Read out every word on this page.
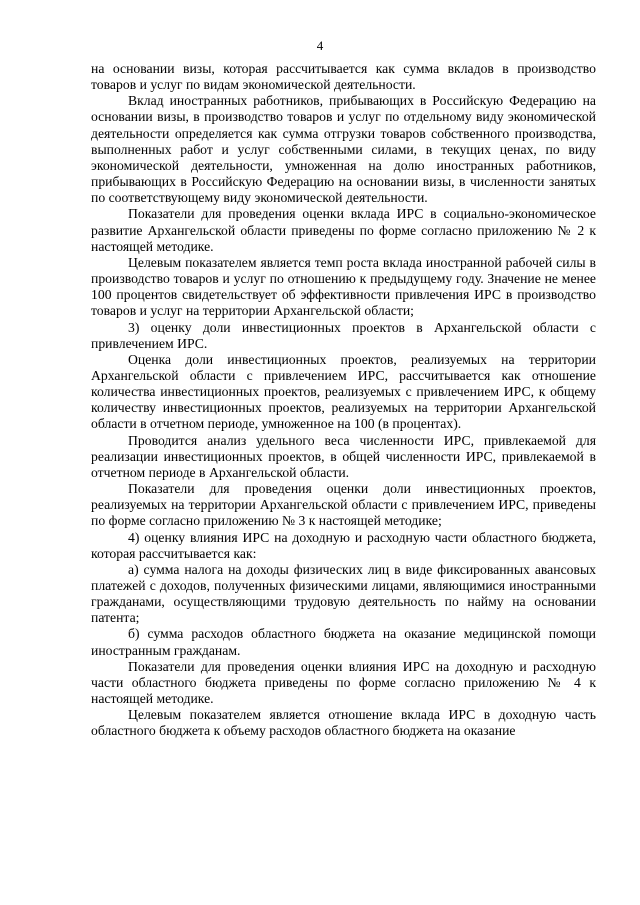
4

на основании визы, которая рассчитывается как сумма вкладов в производство товаров и услуг по видам экономической деятельности.

Вклад иностранных работников, прибывающих в Российскую Федерацию на основании визы, в производство товаров и услуг по отдельному виду экономической деятельности определяется как сумма отгрузки товаров собственного производства, выполненных работ и услуг собственными силами, в текущих ценах, по виду экономической деятельности, умноженная на долю иностранных работников, прибывающих в Российскую Федерацию на основании визы, в численности занятых по соответствующему виду экономической деятельности.

Показатели для проведения оценки вклада ИРС в социально-экономическое развитие Архангельской области приведены по форме согласно приложению № 2 к настоящей методике.

Целевым показателем является темп роста вклада иностранной рабочей силы в производство товаров и услуг по отношению к предыдущему году. Значение не менее 100 процентов свидетельствует об эффективности привлечения ИРС в производство товаров и услуг на территории Архангельской области;

3) оценку доли инвестиционных проектов в Архангельской области с привлечением ИРС.

Оценка доли инвестиционных проектов, реализуемых на территории Архангельской области с привлечением ИРС, рассчитывается как отношение количества инвестиционных проектов, реализуемых с привлечением ИРС, к общему количеству инвестиционных проектов, реализуемых на территории Архангельской области в отчетном периоде, умноженное на 100 (в процентах).

Проводится анализ удельного веса численности ИРС, привлекаемой для реализации инвестиционных проектов, в общей численности ИРС, привлекаемой в отчетном периоде в Архангельской области.

Показатели для проведения оценки доли инвестиционных проектов, реализуемых на территории Архангельской области с привлечением ИРС, приведены по форме согласно приложению № 3 к настоящей методике;

4) оценку влияния ИРС на доходную и расходную части областного бюджета, которая рассчитывается как:

а) сумма налога на доходы физических лиц в виде фиксированных авансовых платежей с доходов, полученных физическими лицами, являющимися иностранными гражданами, осуществляющими трудовую деятельность по найму на основании патента;

б) сумма расходов областного бюджета на оказание медицинской помощи иностранным гражданам.

Показатели для проведения оценки влияния ИРС на доходную и расходную части областного бюджета приведены по форме согласно приложению № 4 к настоящей методике.

Целевым показателем является отношение вклада ИРС в доходную часть областного бюджета к объему расходов областного бюджета на оказание
